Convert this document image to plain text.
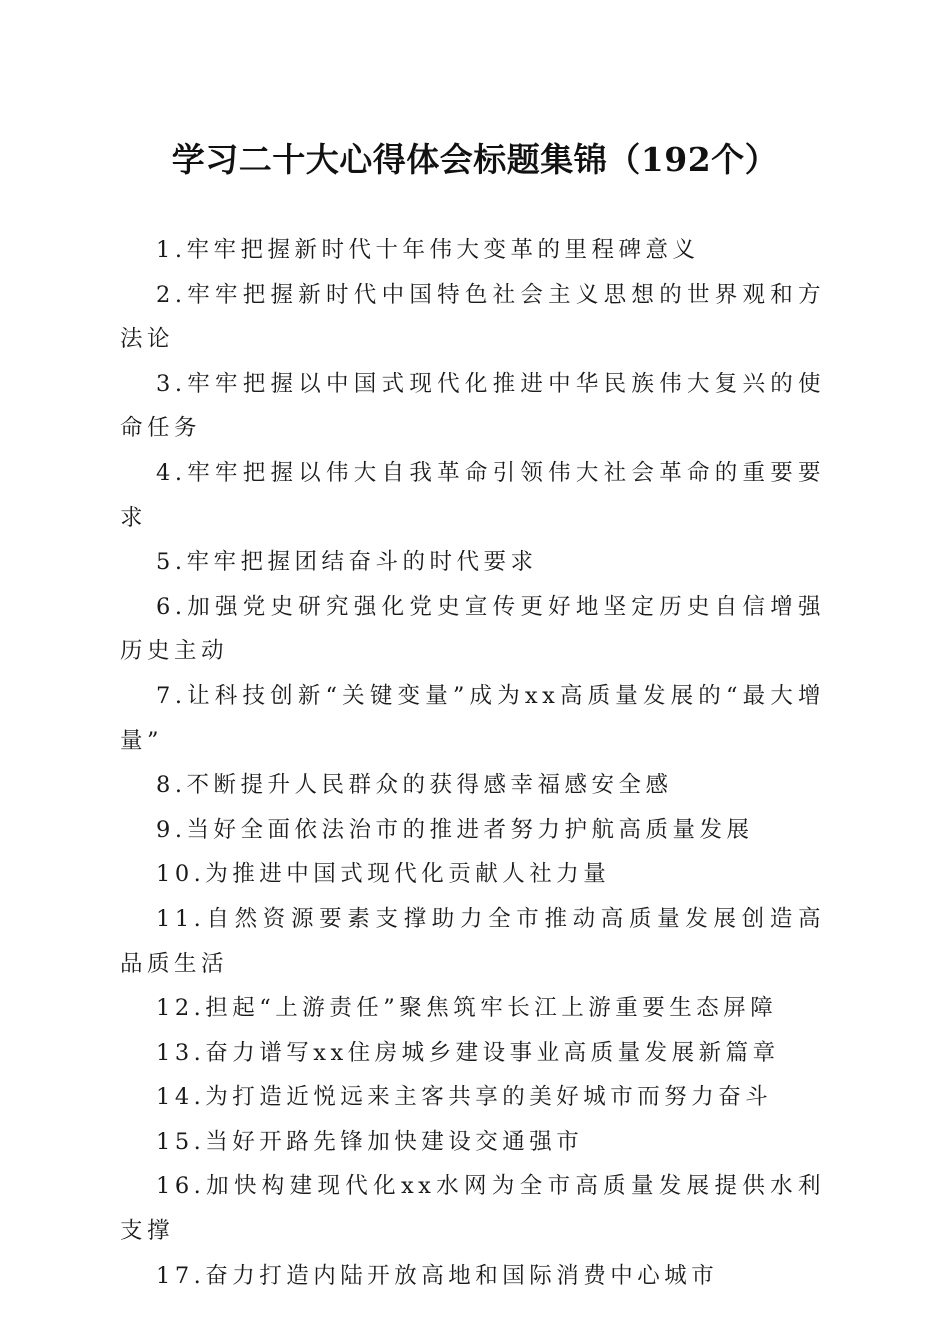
学习二十大心得体会标题集锦（192个）

1.牢牢把握新时代十年伟大变革的里程碑意义

2.牢牢把握新时代中国特色社会主义思想的世界观和方法论

3.牢牢把握以中国式现代化推进中华民族伟大复兴的使命任务

4.牢牢把握以伟大自我革命引领伟大社会革命的重要要求

5.牢牢把握团结奋斗的时代要求

6.加强党史研究强化党史宣传更好地坚定历史自信增强历史主动

7.让科技创新“关键变量”成为xx高质量发展的“最大增量”

8.不断提升人民群众的获得感幸福感安全感

9.当好全面依法治市的推进者努力护航高质量发展

10.为推进中国式现代化贡献人社力量

11.自然资源要素支撑助力全市推动高质量发展创造高品质生活

12.担起“上游责任”聚焦筑牢长江上游重要生态屏障

13.奋力谱写xx住房城乡建设事业高质量发展新篇章

14.为打造近悦远来主客共享的美好城市而努力奋斗

15.当好开路先锋加快建设交通强市

16.加快构建现代化xx水网为全市高质量发展提供水利支撑

17.奋力打造内陆开放高地和国际消费中心城市
